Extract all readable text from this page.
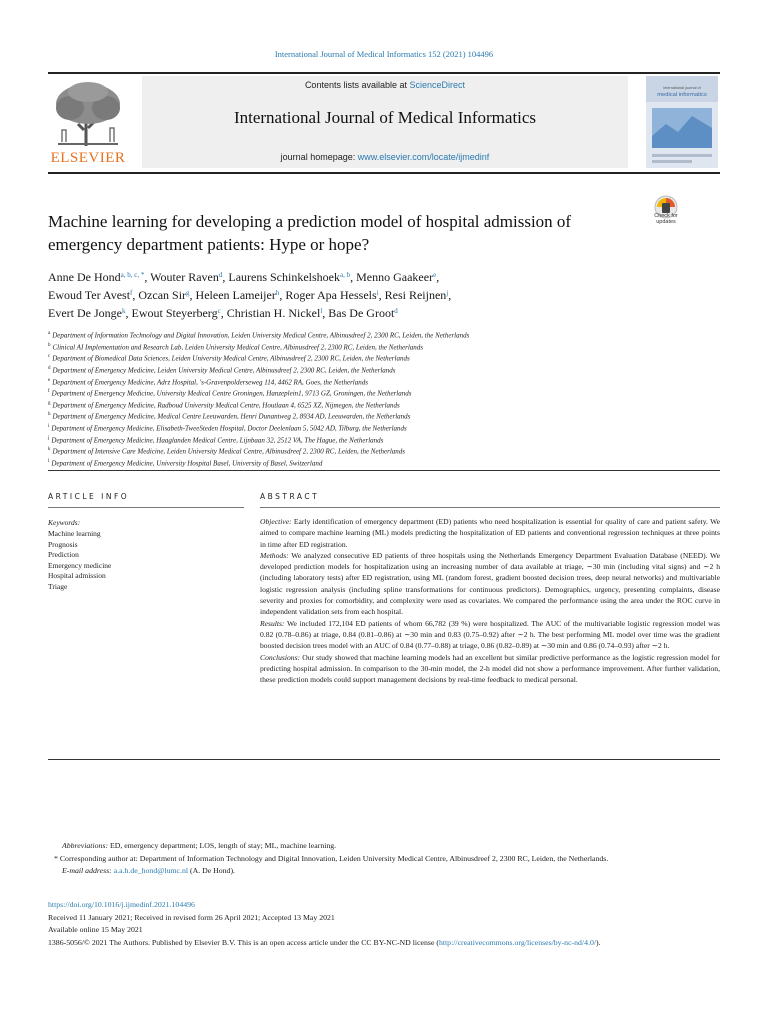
International Journal of Medical Informatics 152 (2021) 104496
ELSEVIER
Contents lists available at ScienceDirect
International Journal of Medical Informatics
journal homepage: www.elsevier.com/locate/ijmedinf
international journal of
medical informatics
Machine learning for developing a prediction model of hospital admission of emergency department patients: Hype or hope?
Check for
updates
Anne De Hond$^{a, b, c, *}$, Wouter Raven$^d$, Laurens Schinkelshoek$^{a, b}$, Menno Gaakeer$^e$,
Ewoud Ter Avest$^f$, Ozcan Sir$^g$, Heleen Lameijer$^h$, Roger Apa Hessels$^i$, Resi Reijnen$^j$,
Evert De Jonge$^k$, Ewout Steyerberg$^c$, Christian H. Nickel$^l$, Bas De Groot$^d$
$^a$ Department of Information Technology and Digital Innovation, Leiden University Medical Centre, Albinusdreef 2, 2300 RC, Leiden, the Netherlands
$^b$ Clinical AI Implementation and Research Lab, Leiden University Medical Centre, Albinusdreef 2, 2300 RC, Leiden, the Netherlands
$^c$ Department of Biomedical Data Sciences, Leiden University Medical Centre, Albinusdreef 2, 2300 RC, Leiden, the Netherlands
$^d$ Department of Emergency Medicine, Leiden University Medical Centre, Albinusdreef 2, 2300 RC, Leiden, the Netherlands
$^e$ Department of Emergency Medicine, Adrz Hospital, 's-Gravenpolderseweg 114, 4462 RA, Goes, the Netherlands
$^f$ Department of Emergency Medicine, University Medical Centre Groningen, Hanzeplein1, 9713 GZ, Groningen, the Netherlands
$^g$ Department of Emergency Medicine, Radboud University Medical Centre, Houtlaan 4, 6525 XZ, Nijmegen, the Netherlands
$^h$ Department of Emergency Medicine, Medical Centre Leeuwarden, Henri Dunantweg 2, 8934 AD, Leeuwarden, the Netherlands
$^i$ Department of Emergency Medicine, Elisabeth-TweeSteden Hospital, Doctor Deelenlaan 5, 5042 AD, Tilburg, the Netherlands
$^j$ Department of Emergency Medicine, Haaglanden Medical Centre, Lijnbaan 32, 2512 VA, The Hague, the Netherlands
$^k$ Department of Intensive Care Medicine, Leiden University Medical Centre, Albinusdreef 2, 2300 RC, Leiden, the Netherlands
$^l$ Department of Emergency Medicine, University Hospital Basel, University of Basel, Switzerland
ARTICLE INFO
Keywords:
Machine learning
Prognosis
Prediction
Emergency medicine
Hospital admission
Triage
ABSTRACT

Objective: Early identification of emergency department (ED) patients who need hospitalization is essential for quality of care and patient safety. We aimed to compare machine learning (ML) models predicting the hospitalization of ED patients and conventional regression techniques at three points in time after ED registration.

Methods: We analyzed consecutive ED patients of three hospitals using the Netherlands Emergency Department Evaluation Database (NEED). We developed prediction models for hospitalization using an increasing number of data available at triage, ∼30 min (including vital signs) and ∼2 h (including laboratory tests) after ED registration, using ML (random forest, gradient boosted decision trees, deep neural networks) and multivariable logistic regression analysis (including spline transformations for continuous predictors). Demographics, urgency, presenting complaints, disease severity and proxies for comorbidity, and complexity were used as covariates. We compared the performance using the area under the ROC curve in independent validation sets from each hospital.

Results: We included 172,104 ED patients of whom 66,782 (39 %) were hospitalized. The AUC of the multivariable logistic regression model was 0.82 (0.78–0.86) at triage, 0.84 (0.81–0.86) at ∼30 min and 0.83 (0.75–0.92) after ∼2 h. The best performing ML model over time was the gradient boosted decision trees model with an AUC of 0.84 (0.77–0.88) at triage, 0.86 (0.82–0.89) at ∼30 min and 0.86 (0.74–0.93) after ∼2 h.

Conclusions: Our study showed that machine learning models had an excellent but similar predictive performance as the logistic regression model for predicting hospital admission. In comparison to the 30-min model, the 2-h model did not show a performance improvement. After further validation, these prediction models could support management decisions by real-time feedback to medical personal.

Abbreviations: ED, emergency department; LOS, length of stay; ML, machine learning.

* Corresponding author at: Department of Information Technology and Digital Innovation, Leiden University Medical Centre, Albinusdreef 2, 2300 RC, Leiden, the Netherlands.

E-mail address: a.a.h.de_hond@lumc.nl (A. De Hond).

https://doi.org/10.1016/j.ijmedinf.2021.104496

Received 11 January 2021; Received in revised form 26 April 2021; Accepted 13 May 2021

Available online 15 May 2021

1386-5056/© 2021 The Authors. Published by Elsevier B.V. This is an open access article under the CC BY-NC-ND license (http://creativecommons.org/licenses/by-nc-nd/4.0/).
